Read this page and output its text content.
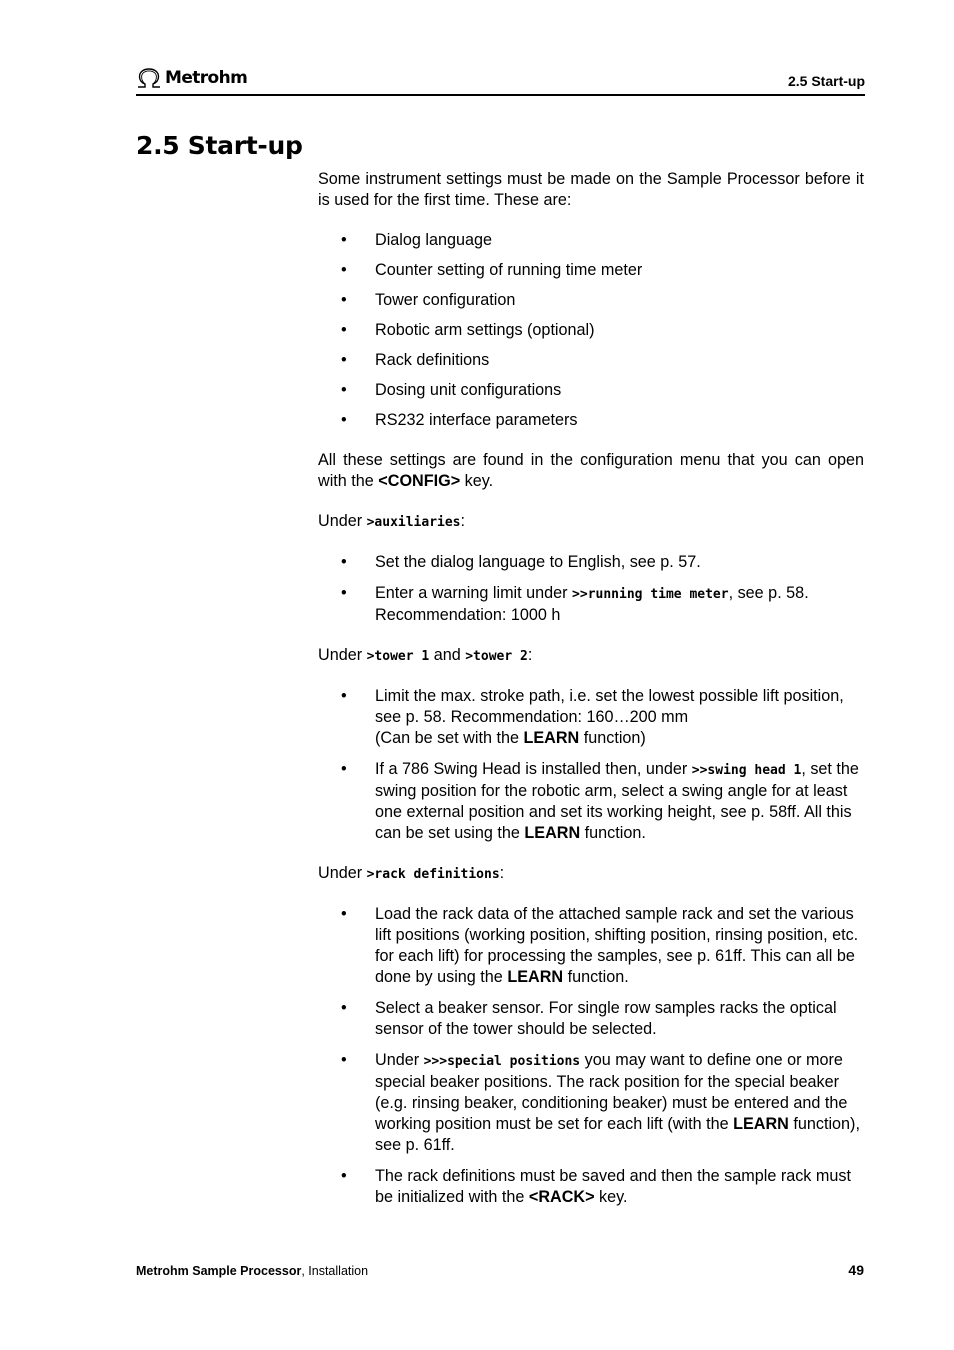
Metrohm	2.5 Start-up
2.5 Start-up

Some instrument settings must be made on the Sample Processor before it is used for the first time. These are:

• Dialog language
• Counter setting of running time meter
• Tower configuration
• Robotic arm settings (optional)
• Rack definitions
• Dosing unit configurations
• RS232 interface parameters

All these settings are found in the configuration menu that you can open with the <CONFIG> key.

Under >auxiliaries:

• Set the dialog language to English, see p. 57.
• Enter a warning limit under >>running time meter, see p. 58.
Recommendation: 1000 h

Under >tower 1 and >tower 2:

• Limit the max. stroke path, i.e. set the lowest possible lift position, see p. 58. Recommendation: 160…200 mm
(Can be set with the LEARN function)
• If a 786 Swing Head is installed then, under >>swing head 1, set the swing position for the robotic arm, select a swing angle for at least one external position and set its working height, see p. 58ff. All this can be set using the LEARN function.

Under >rack definitions:

• Load the rack data of the attached sample rack and set the various lift positions (working position, shifting position, rinsing position, etc. for each lift) for processing the samples, see p. 61ff. This can all be done by using the LEARN function.
• Select a beaker sensor. For single row samples racks the optical sensor of the tower should be selected.
• Under >>>special positions you may want to define one or more special beaker positions. The rack position for the special beaker (e.g. rinsing beaker, conditioning beaker) must be entered and the working position must be set for each lift (with the LEARN function), see p. 61ff.
• The rack definitions must be saved and then the sample rack must be initialized with the <RACK> key.
Metrohm Sample Processor, Installation	49
